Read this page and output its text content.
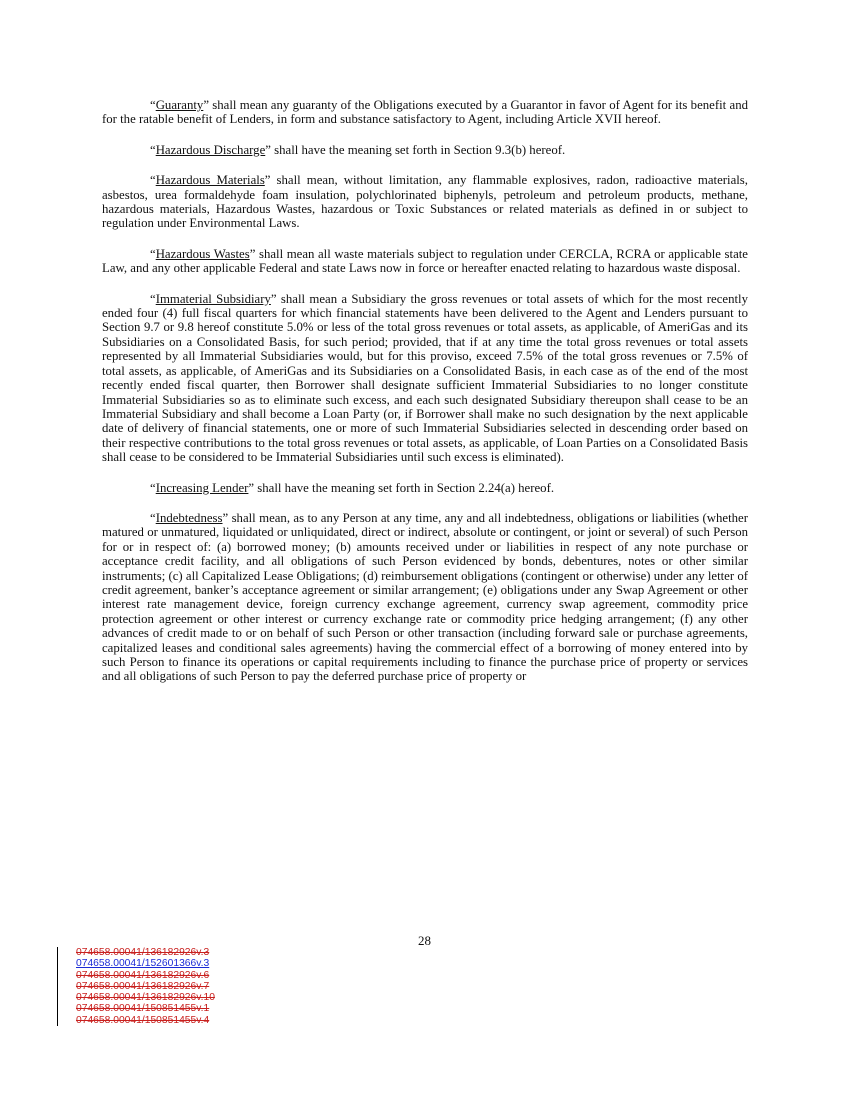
“Guaranty” shall mean any guaranty of the Obligations executed by a Guarantor in favor of Agent for its benefit and for the ratable benefit of Lenders, in form and substance satisfactory to Agent, including Article XVII hereof.

“Hazardous Discharge” shall have the meaning set forth in Section 9.3(b) hereof.

“Hazardous Materials” shall mean, without limitation, any flammable explosives, radon, radioactive materials, asbestos, urea formaldehyde foam insulation, polychlorinated biphenyls, petroleum and petroleum products, methane, hazardous materials, Hazardous Wastes, hazardous or Toxic Substances or related materials as defined in or subject to regulation under Environmental Laws.

“Hazardous Wastes” shall mean all waste materials subject to regulation under CERCLA, RCRA or applicable state Law, and any other applicable Federal and state Laws now in force or hereafter enacted relating to hazardous waste disposal.

“Immaterial Subsidiary” shall mean a Subsidiary the gross revenues or total assets of which for the most recently ended four (4) full fiscal quarters for which financial statements have been delivered to the Agent and Lenders pursuant to Section 9.7 or 9.8 hereof constitute 5.0% or less of the total gross revenues or total assets, as applicable, of AmeriGas and its Subsidiaries on a Consolidated Basis, for such period; provided, that if at any time the total gross revenues or total assets represented by all Immaterial Subsidiaries would, but for this proviso, exceed 7.5% of the total gross revenues or 7.5% of total assets, as applicable, of AmeriGas and its Subsidiaries on a Consolidated Basis, in each case as of the end of the most recently ended fiscal quarter, then Borrower shall designate sufficient Immaterial Subsidiaries to no longer constitute Immaterial Subsidiaries so as to eliminate such excess, and each such designated Subsidiary thereupon shall cease to be an Immaterial Subsidiary and shall become a Loan Party (or, if Borrower shall make no such designation by the next applicable date of delivery of financial statements, one or more of such Immaterial Subsidiaries selected in descending order based on their respective contributions to the total gross revenues or total assets, as applicable, of Loan Parties on a Consolidated Basis shall cease to be considered to be Immaterial Subsidiaries until such excess is eliminated).

“Increasing Lender” shall have the meaning set forth in Section 2.24(a) hereof.

“Indebtedness” shall mean, as to any Person at any time, any and all indebtedness, obligations or liabilities (whether matured or unmatured, liquidated or unliquidated, direct or indirect, absolute or contingent, or joint or several) of such Person for or in respect of: (a) borrowed money; (b) amounts received under or liabilities in respect of any note purchase or acceptance credit facility, and all obligations of such Person evidenced by bonds, debentures, notes or other similar instruments; (c) all Capitalized Lease Obligations; (d) reimbursement obligations (contingent or otherwise) under any letter of credit agreement, banker’s acceptance agreement or similar arrangement; (e) obligations under any Swap Agreement or other interest rate management device, foreign currency exchange agreement, currency swap agreement, commodity price protection agreement or other interest or currency exchange rate or commodity price hedging arrangement; (f) any other advances of credit made to or on behalf of such Person or other transaction (including forward sale or purchase agreements, capitalized leases and conditional sales agreements) having the commercial effect of a borrowing of money entered into by such Person to finance its operations or capital requirements including to finance the purchase price of property or services and all obligations of such Person to pay the deferred purchase price of property or

28
074658.00041/136182926v.3
074658.00041/152601366v.3
074658.00041/136182926v.6
074658.00041/136182926v.7
074658.00041/136182926v.10
074658.00041/150851455v.1
074658.00041/150851455v.4
